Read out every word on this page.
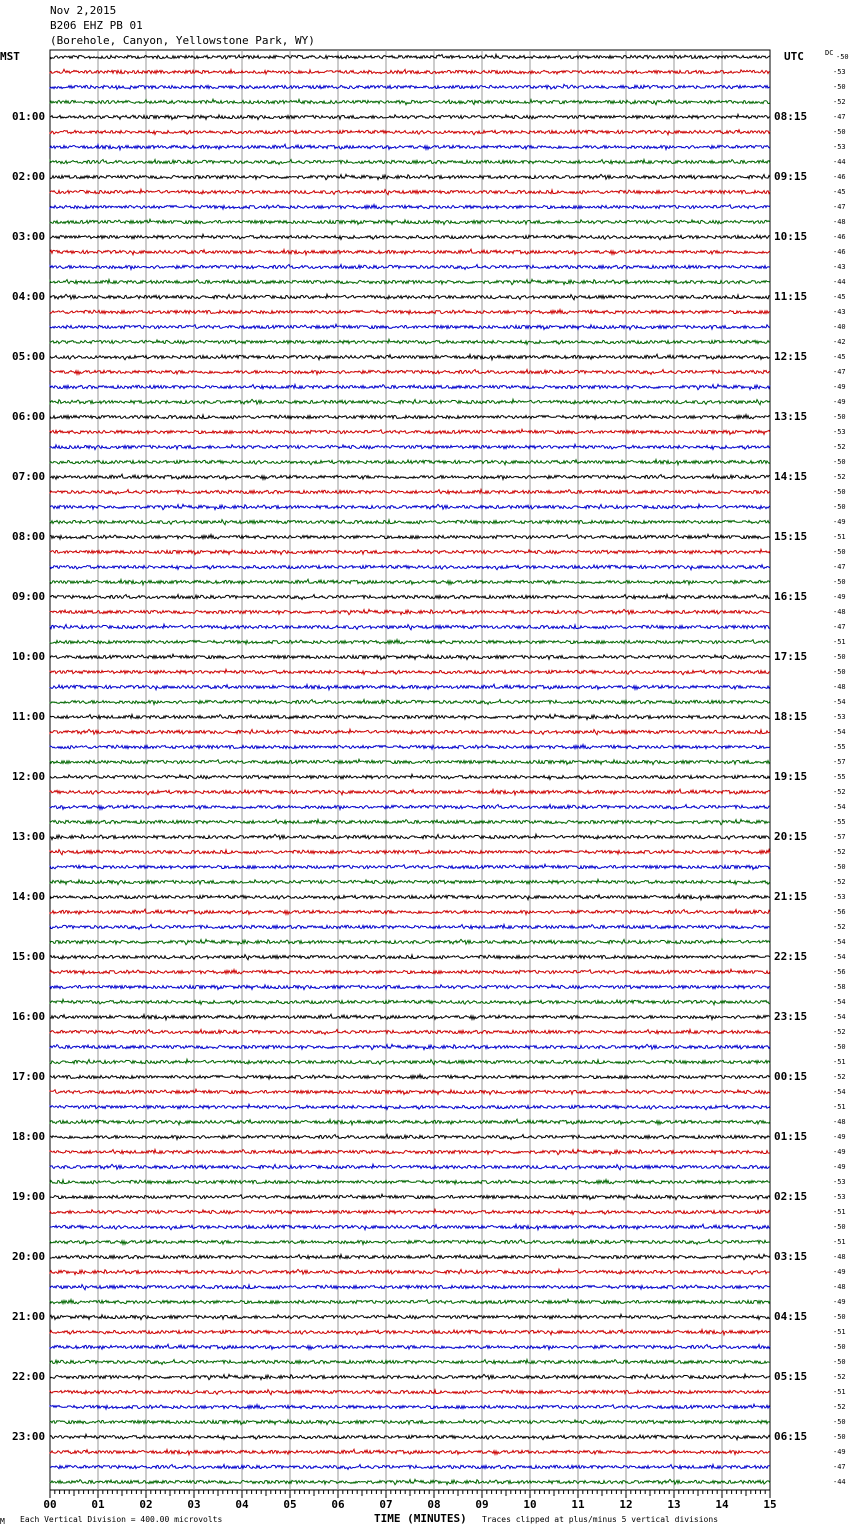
Nov 2,2015
B206 EHZ PB 01
(Borehole, Canyon, Yellowstone Park, WY)
MST	UTC	DC
00	01	02	03	04	05	06	07	08	09	10	11	12	13	14	15
01:00	08:15
02:00	09:15
03:00	10:15
04:00	11:15
05:00	12:15
06:00	13:15
07:00	14:15
08:00	15:15
09:00	16:15
10:00	17:15
11:00	18:15
12:00	19:15
13:00	20:15
14:00	21:15
15:00	22:15
16:00	23:15
17:00	00:15
18:00	01:15
19:00	02:15
20:00	03:15
21:00	04:15
22:00	05:15
23:00	06:15
-50
-53
-50
-52
-47
-50
-53
-44
-46
-45
-47
-48
-46
-46
-43
-44
-45
-43
-40
-42
-45
-47
-49
-49
-50
-53
-52
-50
-52
-50
-50
-49
-51
-50
-47
-50
-49
-48
-47
-51
-50
-50
-48
-54
-53
-54
-55
-57
-55
-52
-54
-55
-57
-52
-50
-52
-53
-56
-52
-54
-54
-56
-58
-54
-54
-52
-50
-51
-52
-54
-51
-48
-49
-49
-49
-53
-53
-51
-50
-51
-48
-49
-48
-49
-50
-51
-50
-50
-52
-51
-52
-50
-50
-49
-47
-44
M Each Vertical Division = 400.00 microvolts	TIME (MINUTES) Traces clipped at plus/minus 5 vertical divisions
